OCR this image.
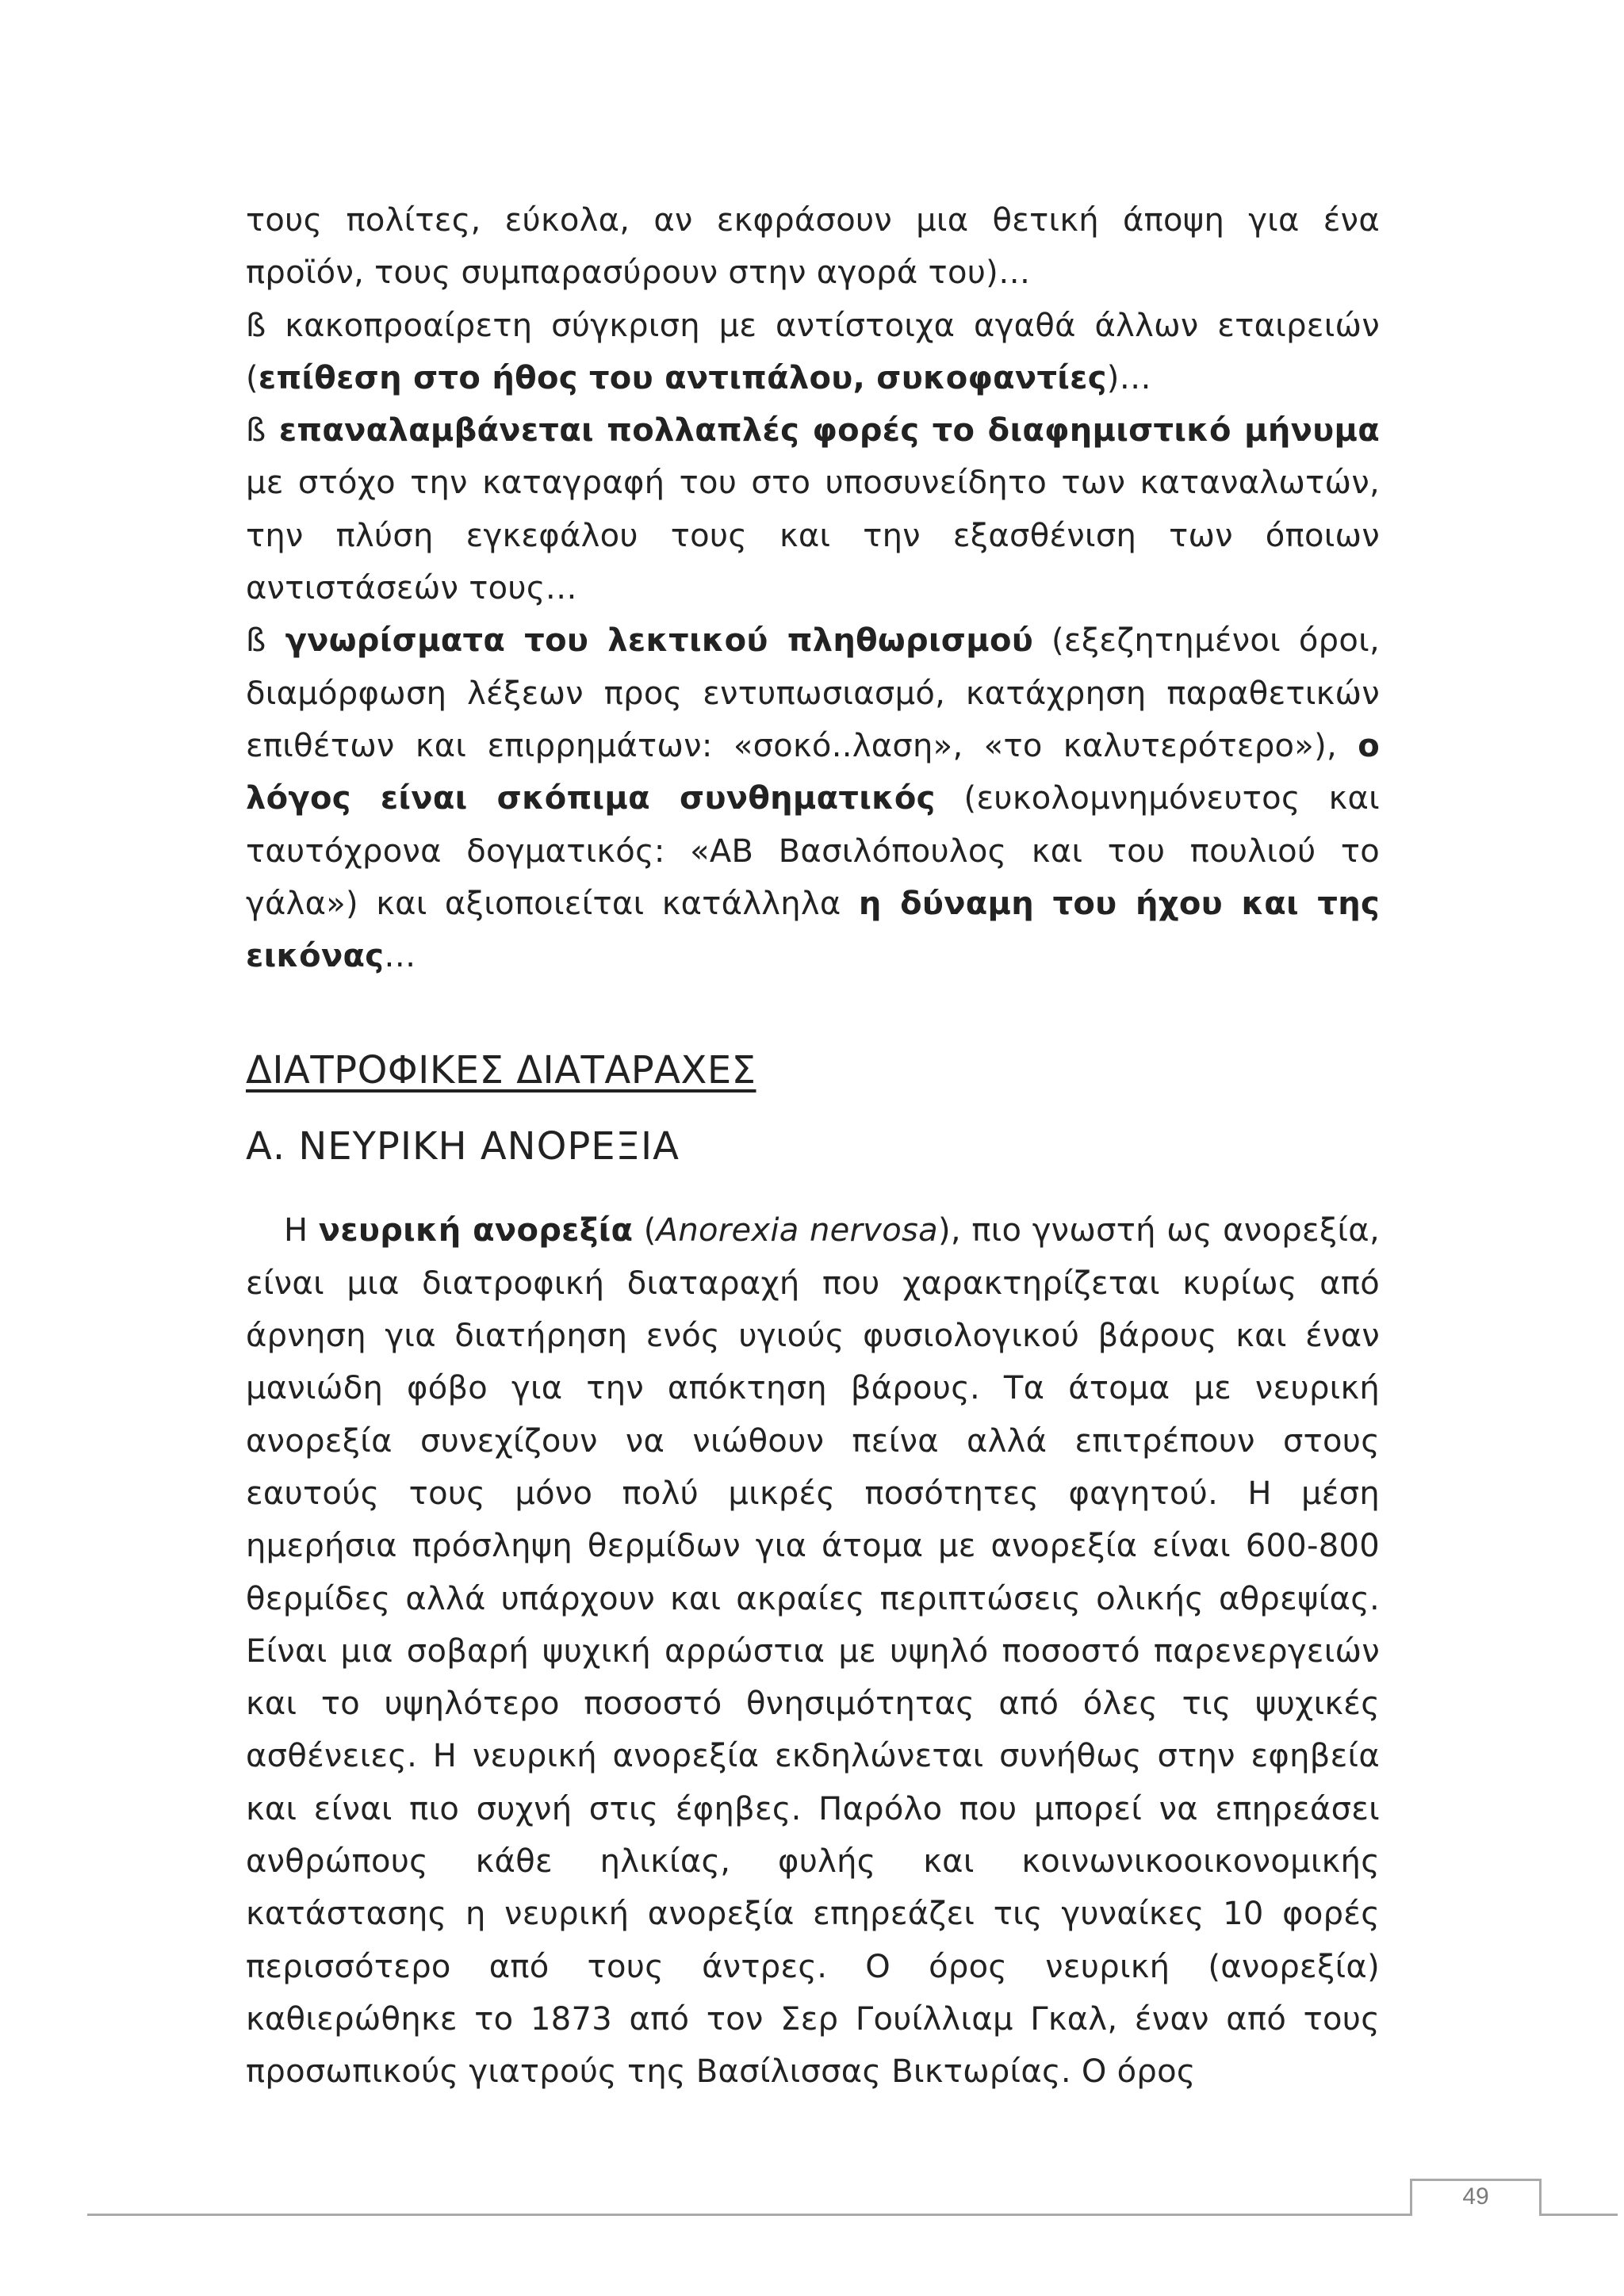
τους πολίτες, εύκολα, αν εκφράσουν μια θετική άποψη για ένα προϊόν, τους συμπαρασύρουν στην αγορά του)…

ß κακοπροαίρετη σύγκριση με αντίστοιχα αγαθά άλλων εταιρειών (επίθεση στο ήθος του αντιπάλου, συκοφαντίες)…

ß επαναλαμβάνεται πολλαπλές φορές το διαφημιστικό μήνυμα με στόχο την καταγραφή του στο υποσυνείδητο των καταναλωτών, την πλύση εγκεφάλου τους και την εξασθένιση των όποιων αντιστάσεών τους…

ß γνωρίσματα του λεκτικού πληθωρισμού (εξεζητημένοι όροι, διαμόρφωση λέξεων προς εντυπωσιασμό, κατάχρηση παραθετικών επιθέτων και επιρρημάτων: «σοκό..λαση», «το καλυτερότερο»), ο λόγος είναι σκόπιμα συνθηματικός (ευκολομνημόνευτος και ταυτόχρονα δογματικός: «ΑΒ Βασιλόπουλος και του πουλιού το γάλα») και αξιοποιείται κατάλληλα η δύναμη του ήχου και της εικόνας…

ΔΙΑΤΡΟΦΙΚΕΣ ΔΙΑΤΑΡΑΧΕΣ
Α. ΝΕΥΡΙΚΗ ΑΝΟΡΕΞΙΑ

Η νευρική ανορεξία (Anorexia nervosa), πιο γνωστή ως ανορεξία, είναι μια διατροφική διαταραχή που χαρακτηρίζεται κυρίως από άρνηση για διατήρηση ενός υγιούς φυσιολογικού βάρους και έναν μανιώδη φόβο για την απόκτηση βάρους. Τα άτομα με νευρική ανορεξία συνεχίζουν να νιώθουν πείνα αλλά επιτρέπουν στους εαυτούς τους μόνο πολύ μικρές ποσότητες φαγητού. Η μέση ημερήσια πρόσληψη θερμίδων για άτομα με ανορεξία είναι 600-800 θερμίδες αλλά υπάρχουν και ακραίες περιπτώσεις ολικής αθρεψίας. Είναι μια σοβαρή ψυχική αρρώστια με υψηλό ποσοστό παρενεργειών και το υψηλότερο ποσοστό θνησιμότητας από όλες τις ψυχικές ασθένειες. Η νευρική ανορεξία εκδηλώνεται συνήθως στην εφηβεία και είναι πιο συχνή στις έφηβες. Παρόλο που μπορεί να επηρεάσει ανθρώπους κάθε ηλικίας, φυλής και κοινωνικοοικονομικής κατάστασης η νευρική ανορεξία επηρεάζει τις γυναίκες 10 φορές περισσότερο από τους άντρες. Ο όρος νευρική (ανορεξία) καθιερώθηκε το 1873 από τον Σερ Γουίλλιαμ Γκαλ, έναν από τους προσωπικούς γιατρούς της Βασίλισσας Βικτωρίας. Ο όρος

49
